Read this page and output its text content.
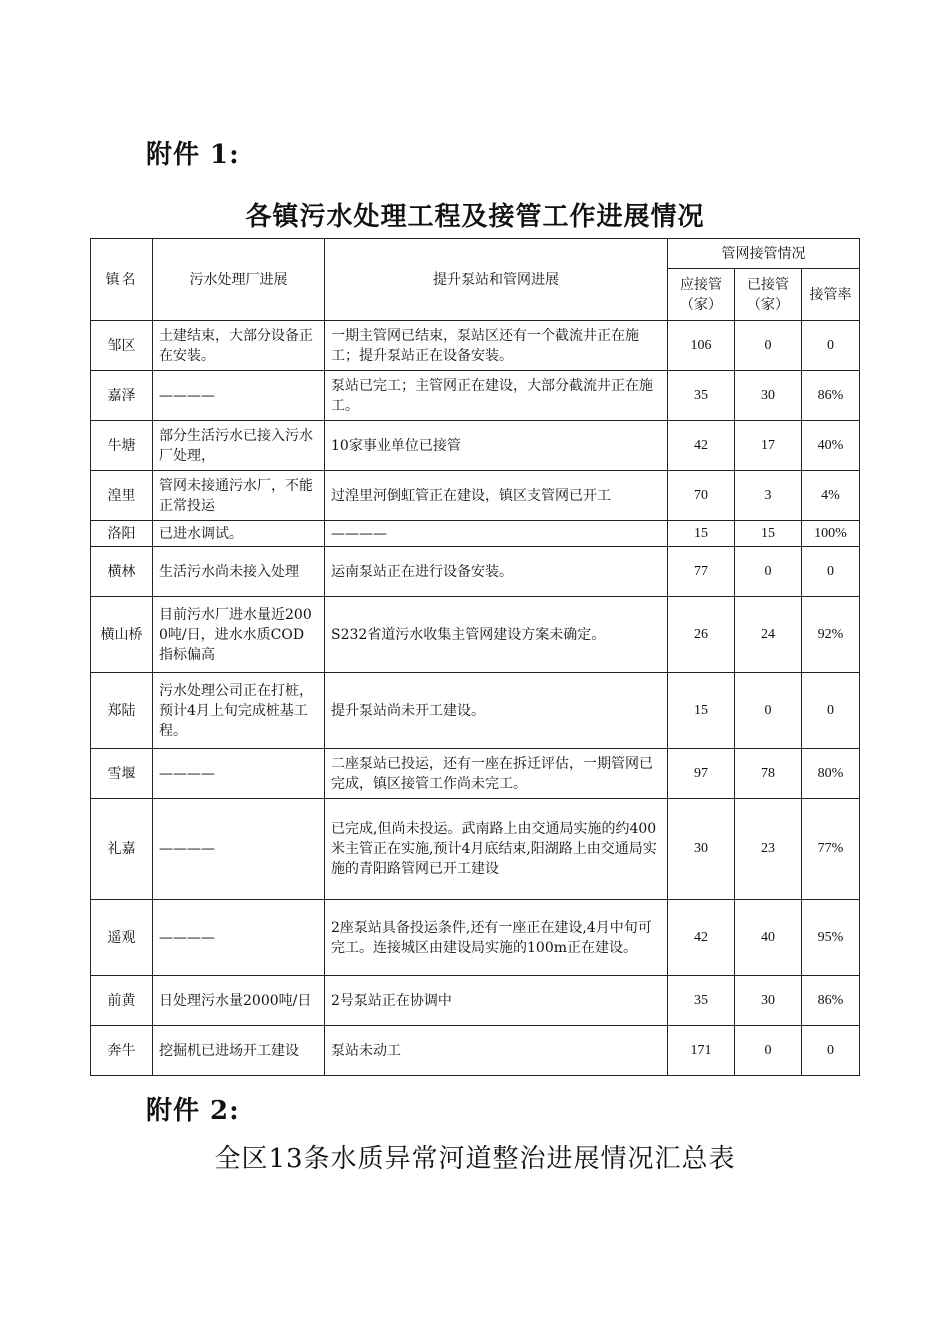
附件 1:
各镇污水处理工程及接管工作进展情况
镇名	污水处理厂进展	提升泵站和管网进展	管网接管情况		
			应接管（家）	已接管（家）	接管率
邹区	土建结束，大部分设备正在安装。	一期主管网已结束，泵站区还有一个截流井正在施工；提升泵站正在设备安装。	106	0	0
嘉泽	————	泵站已完工；主管网正在建设，大部分截流井正在施工。	35	30	86%
牛塘	部分生活污水已接入污水厂处理，	10家事业单位已接管	42	17	40%
湟里	管网未接通污水厂，不能正常投运	过湟里河倒虹管正在建设，镇区支管网已开工	70	3	4%
洛阳	已进水调试。	————	15	15	100%
横林	生活污水尚未接入处理	运南泵站正在进行设备安装。	77	0	0
横山桥	目前污水厂进水量近2000吨/日，进水水质COD指标偏高	S232省道污水收集主管网建设方案未确定。	26	24	92%
郑陆	污水处理公司正在打桩，预计4月上旬完成桩基工程。	提升泵站尚未开工建设。	15	0	0
雪堰	————	二座泵站已投运，还有一座在拆迁评估，一期管网已完成，镇区接管工作尚未完工。	97	78	80%
礼嘉	————	已完成,但尚未投运。武南路上由交通局实施的约400米主管正在实施,预计4月底结束,阳湖路上由交通局实施的青阳路管网已开工建设	30	23	77%
遥观	————	2座泵站具备投运条件,还有一座正在建设,4月中旬可完工。连接城区由建设局实施的100m正在建设。	42	40	95%
前黄	日处理污水量2000吨/日	2号泵站正在协调中	35	30	86%
奔牛	挖掘机已进场开工建设	泵站未动工	171	0	0
附件 2:
全区13条水质异常河道整治进展情况汇总表
